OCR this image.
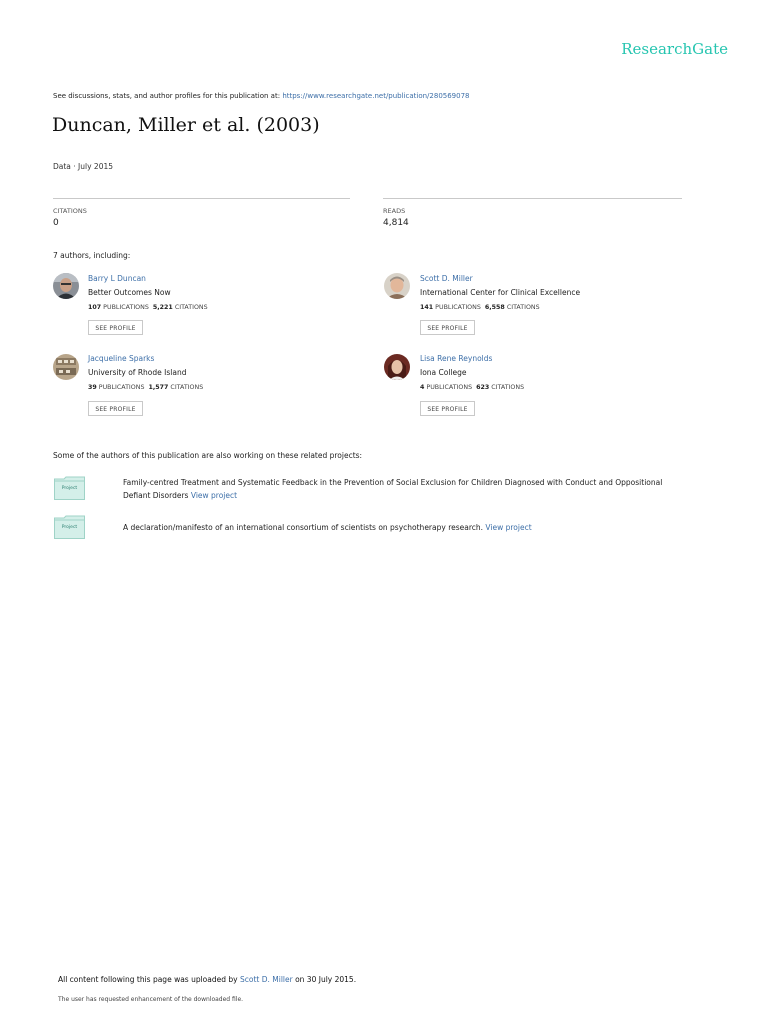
ResearchGate
See discussions, stats, and author profiles for this publication at: https://www.researchgate.net/publication/280569078
Duncan, Miller et al. (2003)
Data · July 2015
CITATIONS
0
READS
4,814
7 authors, including:
Barry L Duncan
Better Outcomes Now
107 PUBLICATIONS 5,221 CITATIONS
SEE PROFILE
Scott D. Miller
International Center for Clinical Excellence
141 PUBLICATIONS 6,558 CITATIONS
SEE PROFILE
Jacqueline Sparks
University of Rhode Island
39 PUBLICATIONS 1,577 CITATIONS
SEE PROFILE
Lisa Rene Reynolds
Iona College
4 PUBLICATIONS 623 CITATIONS
SEE PROFILE
Some of the authors of this publication are also working on these related projects:
Project
Family-centred Treatment and Systematic Feedback in the Prevention of Social Exclusion for Children Diagnosed with Conduct and Oppositional Defiant Disorders View project
Project	A declaration/manifesto of an international consortium of scientists on psychotherapy research. View project
All content following this page was uploaded by Scott D. Miller on 30 July 2015.
The user has requested enhancement of the downloaded file.
